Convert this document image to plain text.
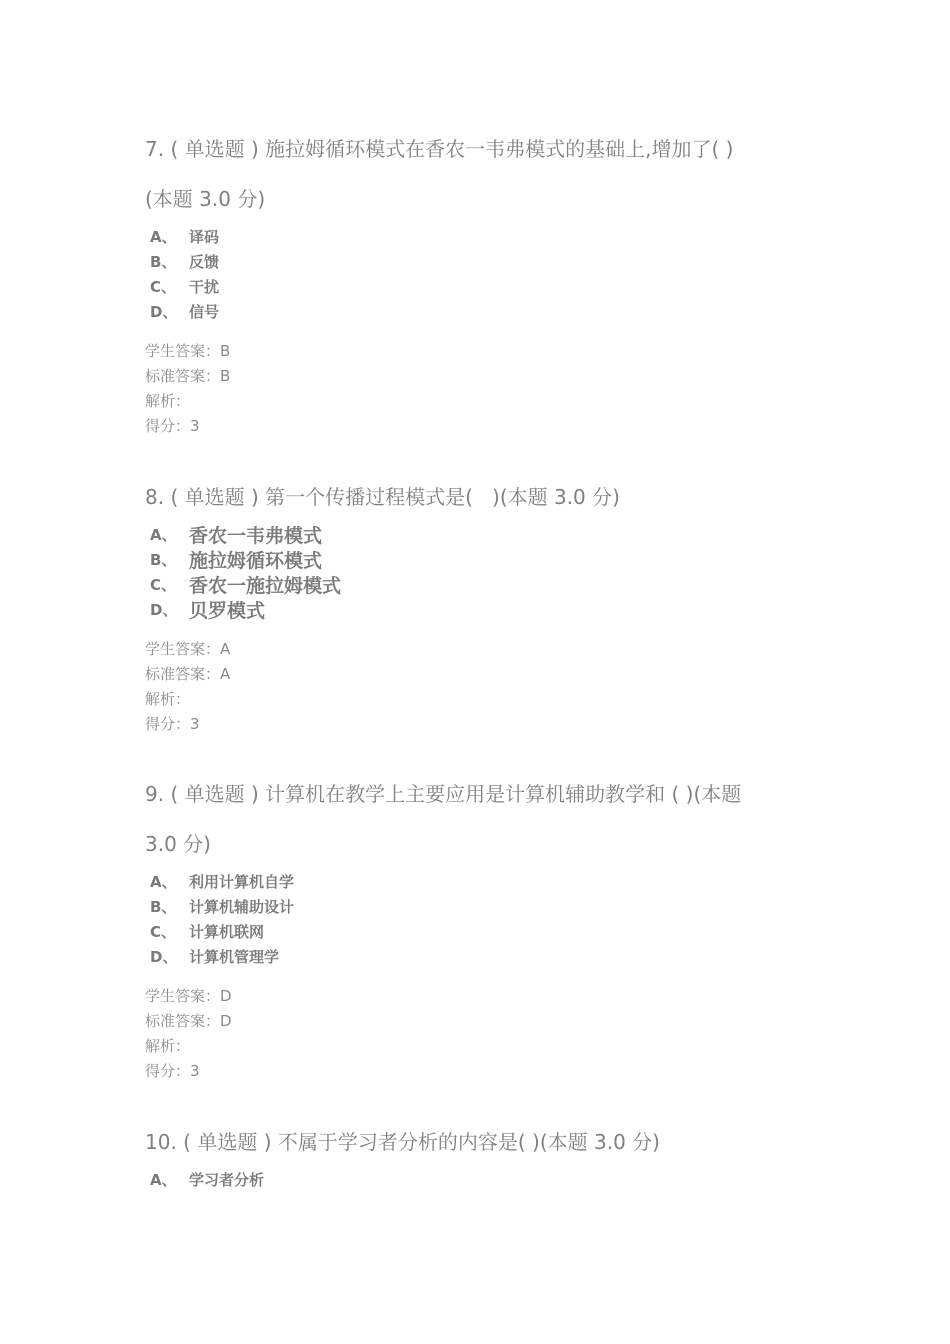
7. ( 单选题 ) 施拉姆循环模式在香农一韦弗模式的基础上,增加了( )

(本题 3.0 分)

A、 译码
B、 反馈
C、 干扰
D、 信号
学生答案：B
标准答案：B
解析：
得分：3

8. ( 单选题 ) 第一个传播过程模式是(   )(本题 3.0 分)

A、 香农一韦弗模式
B、 施拉姆循环模式
C、 香农一施拉姆模式
D、 贝罗模式
学生答案：A
标准答案：A
解析：
得分：3

9. ( 单选题 ) 计算机在教学上主要应用是计算机辅助教学和 ( )(本题

3.0 分)

A、 利用计算机自学
B、 计算机辅助设计
C、 计算机联网
D、 计算机管理学
学生答案：D
标准答案：D
解析：
得分：3

10. ( 单选题 ) 不属于学习者分析的内容是( )(本题 3.0 分)

A、 学习者分析
